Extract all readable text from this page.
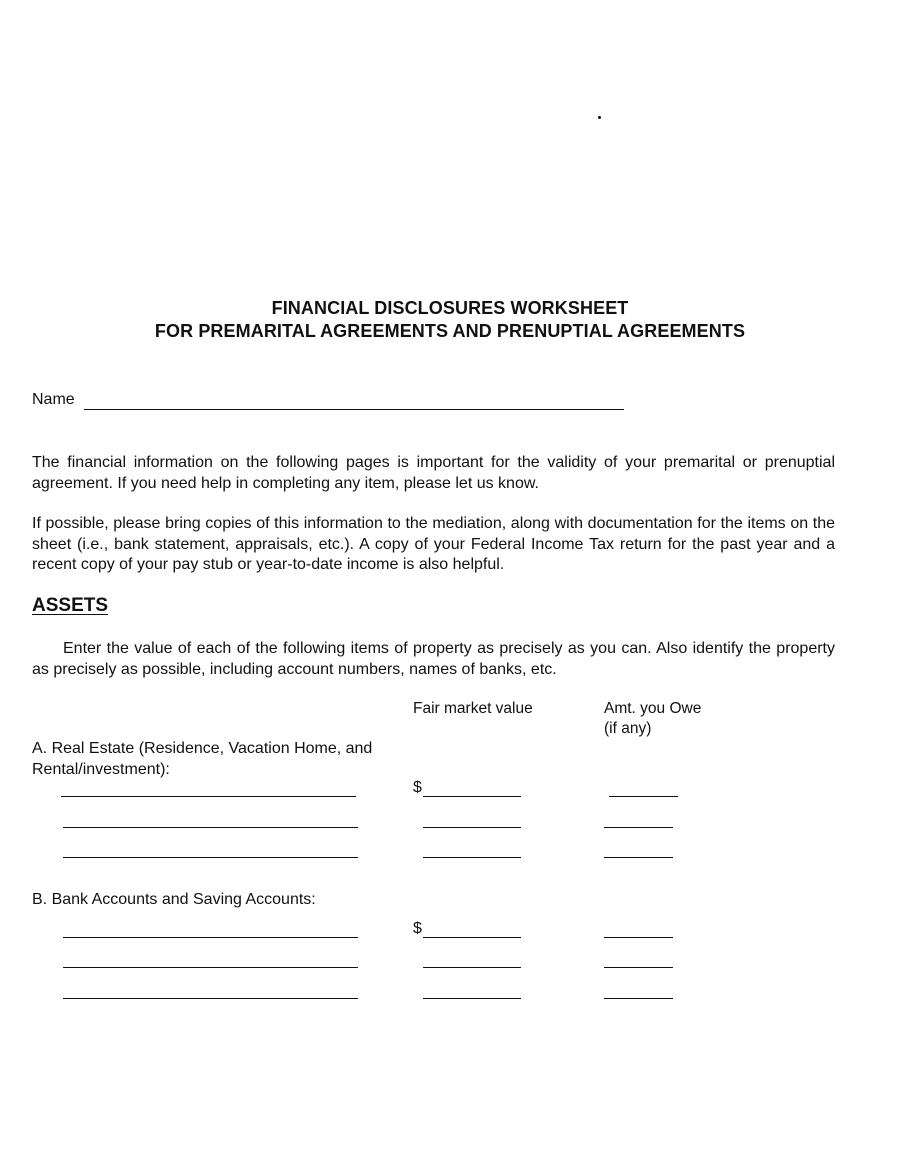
FINANCIAL DISCLOSURES WORKSHEET
FOR PREMARITAL AGREEMENTS AND PRENUPTIAL AGREEMENTS
Name
The financial information on the following pages is important for the validity of your premarital or prenuptial agreement. If you need help in completing any item, please let us know.
If possible, please bring copies of this information to the mediation, along with documentation for the items on the sheet (i.e., bank statement, appraisals, etc.). A copy of your Federal Income Tax return for the past year and a recent copy of your pay stub or year-to-date income is also helpful.
ASSETS
Enter the value of each of the following items of property as precisely as you can. Also identify the property as precisely as possible, including account numbers, names of banks, etc.
Fair market value	Amt. you Owe
(if any)
A. Real Estate (Residence, Vacation Home, and Rental/investment):
$
B. Bank Accounts and Saving Accounts:
$
